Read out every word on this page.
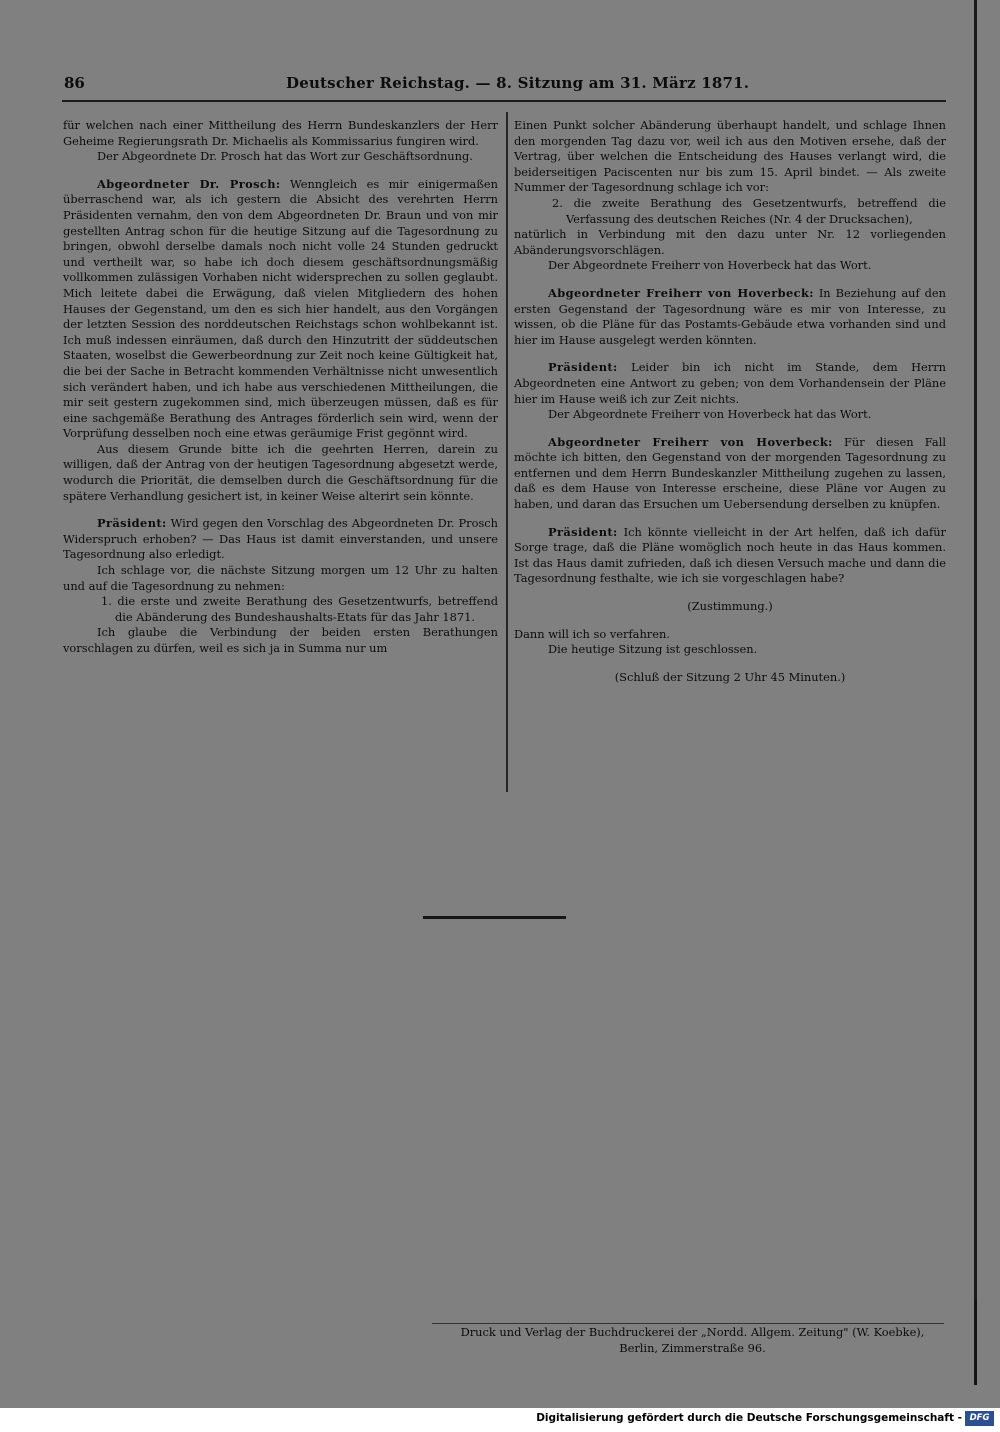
86	Deutscher Reichstag. — 8. Sitzung am 31. März 1871.

für welchen nach einer Mittheilung des Herrn Bundeskanzlers der Herr Geheime Regierungsrath Dr. Michaelis als Kommissarius fungiren wird.

Der Abgeordnete Dr. Prosch hat das Wort zur Geschäftsordnung.

Abgeordneter Dr. Prosch: Wenngleich es mir einigermaßen überraschend war, als ich gestern die Absicht des verehrten Herrn Präsidenten vernahm, den von dem Abgeordneten Dr. Braun und von mir gestellten Antrag schon für die heutige Sitzung auf die Tagesordnung zu bringen, obwohl derselbe damals noch nicht volle 24 Stunden gedruckt und vertheilt war, so habe ich doch diesem geschäftsordnungsmäßig vollkommen zulässigen Vorhaben nicht widersprechen zu sollen geglaubt. Mich leitete dabei die Erwägung, daß vielen Mitgliedern des hohen Hauses der Gegenstand, um den es sich hier handelt, aus den Vorgängen der letzten Session des norddeutschen Reichstags schon wohlbekannt ist. Ich muß indessen einräumen, daß durch den Hinzutritt der süddeutschen Staaten, woselbst die Gewerbeordnung zur Zeit noch keine Gültigkeit hat, die bei der Sache in Betracht kommenden Verhältnisse nicht unwesentlich sich verändert haben, und ich habe aus verschiedenen Mittheilungen, die mir seit gestern zugekommen sind, mich überzeugen müssen, daß es für eine sachgemäße Berathung des Antrages förderlich sein wird, wenn der Vorprüfung desselben noch eine etwas geräumige Frist gegönnt wird.

Aus diesem Grunde bitte ich die geehrten Herren, darein zu willigen, daß der Antrag von der heutigen Tagesordnung abgesetzt werde, wodurch die Priorität, die demselben durch die Geschäftsordnung für die spätere Verhandlung gesichert ist, in keiner Weise alterirt sein könnte.

Präsident: Wird gegen den Vorschlag des Abgeordneten Dr. Prosch Widerspruch erhoben? — Das Haus ist damit einverstanden, und unsere Tagesordnung also erledigt.

Ich schlage vor, die nächste Sitzung morgen um 12 Uhr zu halten und auf die Tagesordnung zu nehmen:

1. die erste und zweite Berathung des Gesetzentwurfs, betreffend die Abänderung des Bundeshaushalts-Etats für das Jahr 1871.

Ich glaube die Verbindung der beiden ersten Berathungen vorschlagen zu dürfen, weil es sich ja in Summa nur um

Einen Punkt solcher Abänderung überhaupt handelt, und schlage Ihnen den morgenden Tag dazu vor, weil ich aus den Motiven ersehe, daß der Vertrag, über welchen die Entscheidung des Hauses verlangt wird, die beiderseitigen Paciscenten nur bis zum 15. April bindet. — Als zweite Nummer der Tagesordnung schlage ich vor:

2. die zweite Berathung des Gesetzentwurfs, betreffend die Verfassung des deutschen Reiches (Nr. 4 der Drucksachen),

natürlich in Verbindung mit den dazu unter Nr. 12 vorliegenden Abänderungsvorschlägen.

Der Abgeordnete Freiherr von Hoverbeck hat das Wort.

Abgeordneter Freiherr von Hoverbeck: In Beziehung auf den ersten Gegenstand der Tagesordnung wäre es mir von Interesse, zu wissen, ob die Pläne für das Postamts-Gebäude etwa vorhanden sind und hier im Hause ausgelegt werden könnten.

Präsident: Leider bin ich nicht im Stande, dem Herrn Abgeordneten eine Antwort zu geben; von dem Vorhandensein der Pläne hier im Hause weiß ich zur Zeit nichts.

Der Abgeordnete Freiherr von Hoverbeck hat das Wort.

Abgeordneter Freiherr von Hoverbeck: Für diesen Fall möchte ich bitten, den Gegenstand von der morgenden Tagesordnung zu entfernen und dem Herrn Bundeskanzler Mittheilung zugehen zu lassen, daß es dem Hause von Interesse erscheine, diese Pläne vor Augen zu haben, und daran das Ersuchen um Uebersendung derselben zu knüpfen.

Präsident: Ich könnte vielleicht in der Art helfen, daß ich dafür Sorge trage, daß die Pläne womöglich noch heute in das Haus kommen. Ist das Haus damit zufrieden, daß ich diesen Versuch mache und dann die Tagesordnung festhalte, wie ich sie vorgeschlagen habe?

(Zustimmung.)

Dann will ich so verfahren.

Die heutige Sitzung ist geschlossen.

(Schluß der Sitzung 2 Uhr 45 Minuten.)

Druck und Verlag der Buchdruckerei der „Nordd. Allgem. Zeitung" (W. Koebke),

Berlin, Zimmerstraße 96.

Digitalisierung gefördert durch die Deutsche Forschungsgemeinschaft - DFG
